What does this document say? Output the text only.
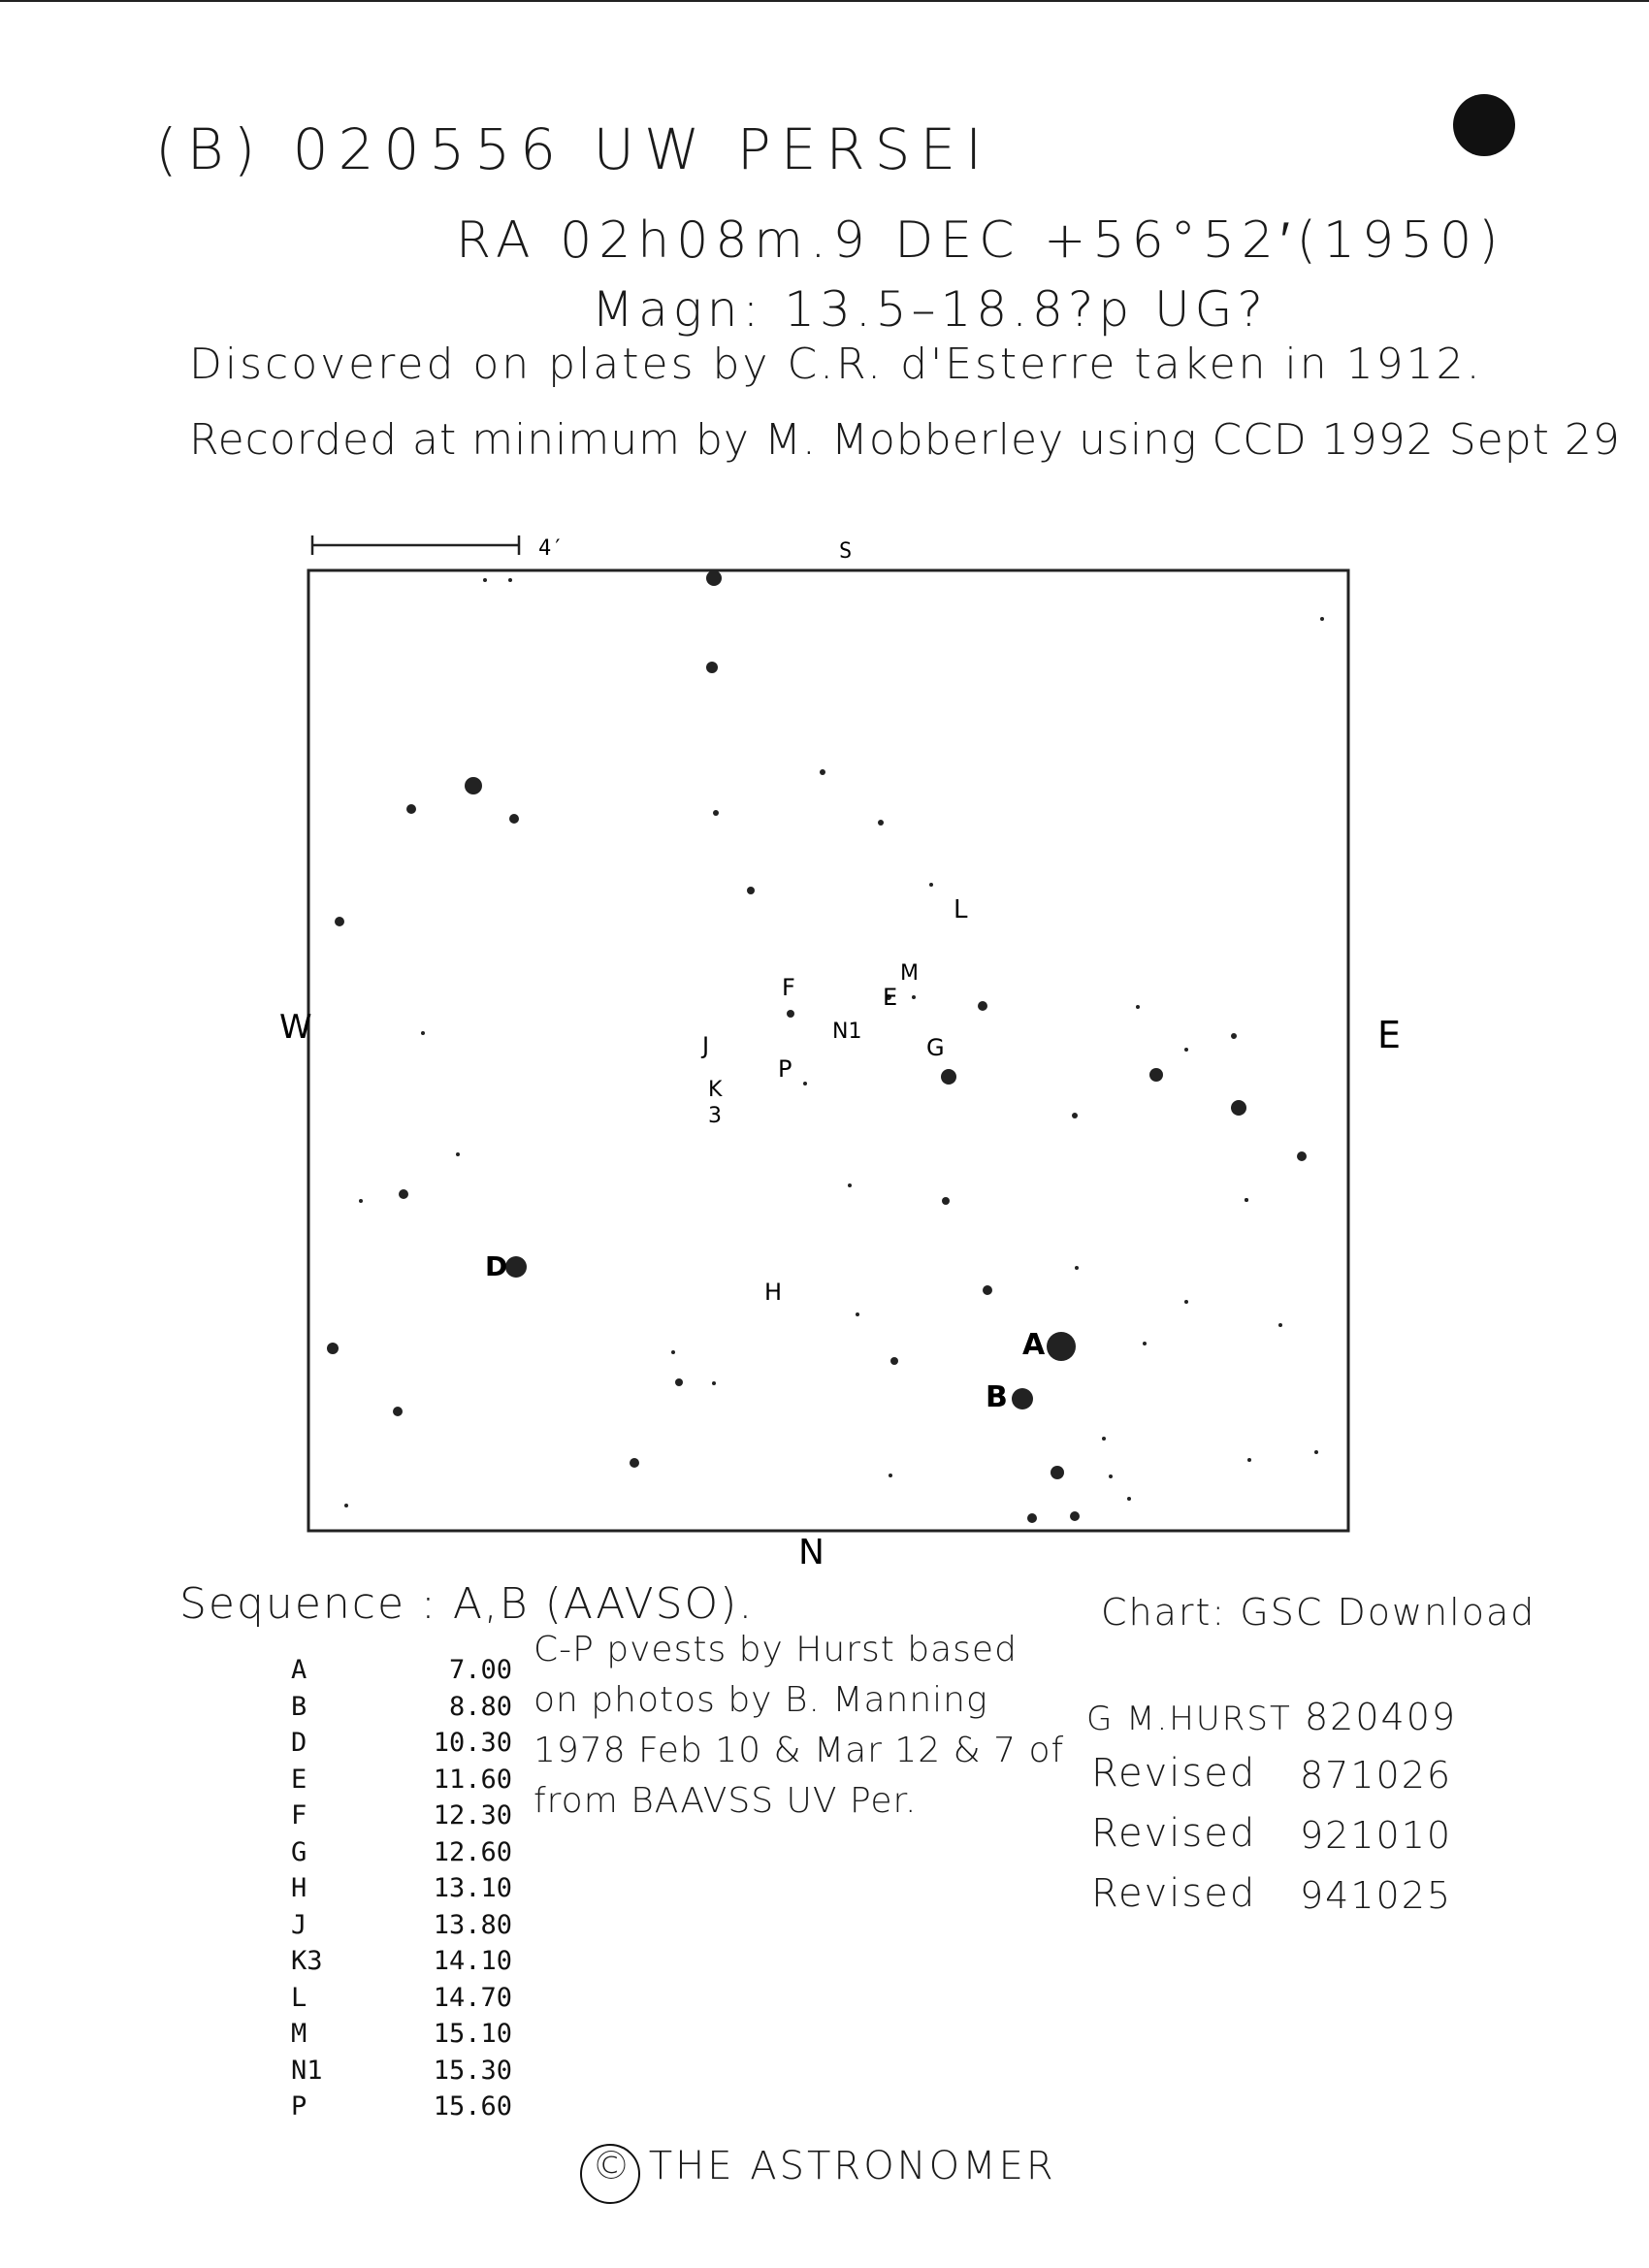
(B) 020556 UW PERSEI
RA 02h08m.9 DEC +56°52′(1950)
Magn: 13.5–18.8?p UG?
Discovered on plates by C.R. d'Esterre taken in 1912.
Recorded at minimum by M. Mobberley using CCD 1992 Sept 29
4′	S
N
W	E
A
B
D
E
F
G
H
J
K
3
L
M
N1
P
Sequence : A,B (AAVSO).
A	7.00
B	8.80
D	10.30
E	11.60
F	12.30
G	12.60
H	13.10
J	13.80
K3	14.10
L	14.70
M	15.10
N1	15.30
P	15.60
C-P pvests by Hurst based
on photos by B. Manning
1978 Feb 10 & Mar 12 & 7 of
from BAAVSS UV Per.
Chart: GSC Download
G M.HURST 820409
Revised 871026
Revised 921010
Revised 941025
© THE ASTRONOMER
